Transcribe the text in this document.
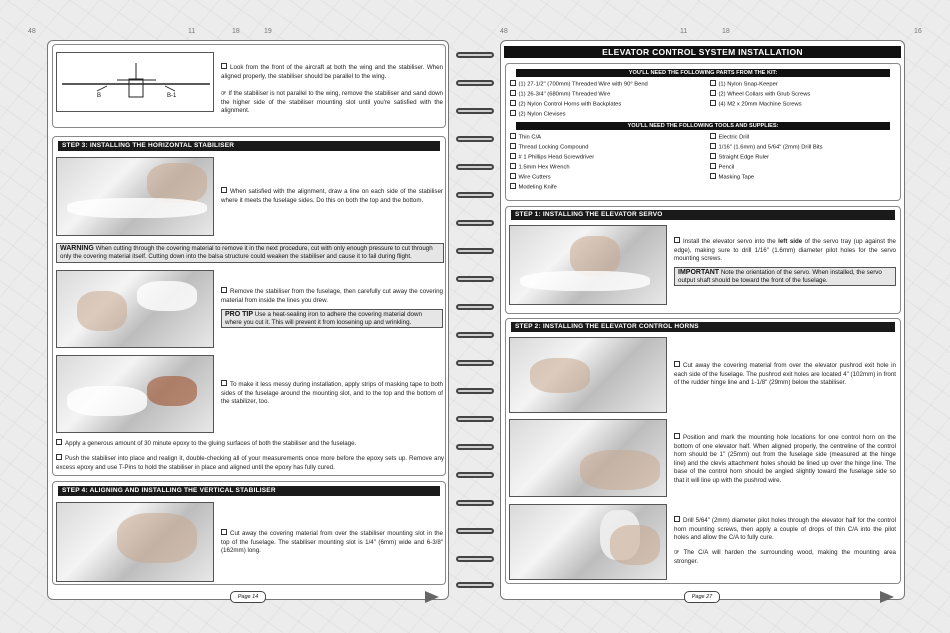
48	11	18	19	48	11	18	16
B	B-1
Look from the front of the aircraft at both the wing and the stabiliser. When aligned properly, the stabiliser should be parallel to the wing.
☞ If the stabiliser is not parallel to the wing, remove the stabiliser and sand down the higher side of the stabiliser mounting slot until you're satisfied with the alignment.
STEP 3: INSTALLING THE HORIZONTAL STABILISER
When satisfied with the alignment, draw a line on each side of the stabiliser where it meets the fuselage sides. Do this on both the top and the bottom.
WARNING When cutting through the covering material to remove it in the next procedure, cut with only enough pressure to cut through only the covering material itself. Cutting down into the balsa structure could weaken the stabiliser and cause it to fail during flight.
Remove the stabiliser from the fuselage, then carefully cut away the covering material from inside the lines you drew.
PRO TIP Use a heat-sealing iron to adhere the covering material down where you cut it. This will prevent it from loosening up and wrinkling.
To make it less messy during installation, apply strips of masking tape to both sides of the fuselage around the mounting slot, and to the top and the bottom of the stabilizer, too.
Apply a generous amount of 30 minute epoxy to the gluing surfaces of both the stabiliser and the fuselage.
Push the stabiliser into place and realign it, double-checking all of your measurements once more before the epoxy sets up. Remove any excess epoxy and use T-Pins to hold the stabiliser in place and aligned until the epoxy has fully cured.
STEP 4: ALIGNING AND INSTALLING THE VERTICAL STABILISER
Cut away the covering material from over the stabiliser mounting slot in the top of the fuselage. The stabiliser mounting slot is 1/4" (6mm) wide and 6-3/8" (162mm) long.
Page 14
ELEVATOR CONTROL SYSTEM INSTALLATION
YOU'LL NEED THE FOLLOWING PARTS FROM THE KIT:
(1) 27-1/2" (700mm) Threaded Wire with 90° Bend
(1) 26-3/4" (680mm) Threaded Wire
(2) Nylon Control Horns with Backplates
(2) Nylon Clevises
(1) Nylon Snap-Keeper
(2) Wheel Collars with Grub Screws
(4) M2 x 20mm Machine Screws
YOU'LL NEED THE FOLLOWING TOOLS AND SUPPLIES:
Thin C/A
Thread Locking Compound
# 1 Phillips Head Screwdriver
1.5mm Hex Wrench
Wire Cutters
Modeling Knife
Electric Drill
1/16" (1.6mm) and 5/64" (2mm) Drill Bits
Straight Edge Ruler
Pencil
Masking Tape
STEP 1: INSTALLING THE ELEVATOR SERVO
Install the elevator servo into the left side of the servo tray (up against the edge), making sure to drill 1/16" (1.6mm) diameter pilot holes for the servo mounting screws.
IMPORTANT Note the orientation of the servo. When installed, the servo output shaft should be toward the front of the fuselage.
STEP 2: INSTALLING THE ELEVATOR CONTROL HORNS
Cut away the covering material from over the elevator pushrod exit hole in each side of the fuselage. The pushrod exit holes are located 4" (102mm) in front of the rudder hinge line and 1-1/8" (29mm) below the stabiliser.
Position and mark the mounting hole locations for one control horn on the bottom of one elevator half. When aligned properly, the centreline of the control horn should be 1" (25mm) out from the fuselage side (measured at the hinge line) and the clevis attachment holes should be lined up over the hinge line. The base of the control horn should be angled slightly toward the fuselage side so that it will line up with the pushrod wire.
Drill 5/64" (2mm) diameter pilot holes through the elevator half for the control horn mounting screws, then apply a couple of drops of thin C/A into the pilot holes and allow the C/A to fully cure.
☞ The C/A will harden the surrounding wood, making the mounting area stronger.
Page 27
